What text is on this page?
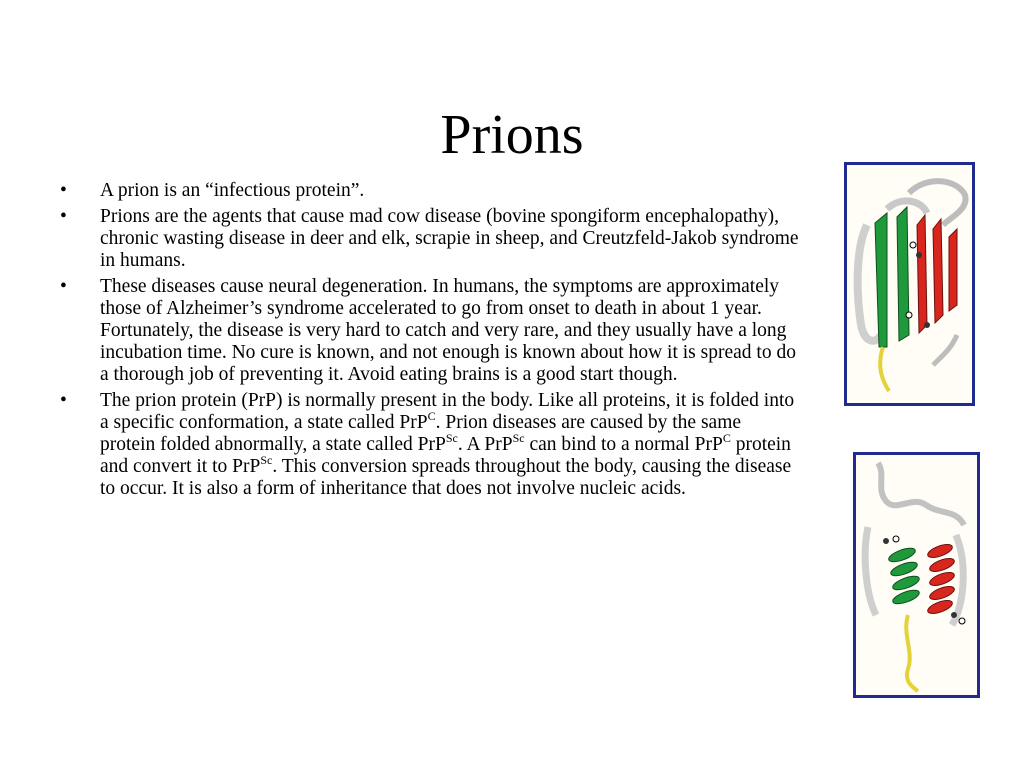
Prions
• A prion is an “infectious protein”.
• Prions are the agents that cause mad cow disease (bovine spongiform encephalopathy), chronic wasting disease in deer and elk, scrapie in sheep, and Creutzfeld-Jakob syndrome in humans.
• These diseases cause neural degeneration. In humans, the symptoms are approximately those of Alzheimer’s syndrome accelerated to go from onset to death in about 1 year. Fortunately, the disease is very hard to catch and very rare, and they usually have a long incubation time. No cure is known, and not enough is known about how it is spread to do a thorough job of preventing it. Avoid eating brains is a good start though.
• The prion protein (PrP) is normally present in the body. Like all proteins, it is folded into a specific conformation, a state called PrP$^C$. Prion diseases are caused by the same protein folded abnormally, a state called PrP$^{Sc}$. A PrP$^{Sc}$ can bind to a normal PrP$^C$ protein and convert it to PrP$^{Sc}$. This conversion spreads throughout the body, causing the disease to occur. It is also a form of inheritance that does not involve nucleic acids.
